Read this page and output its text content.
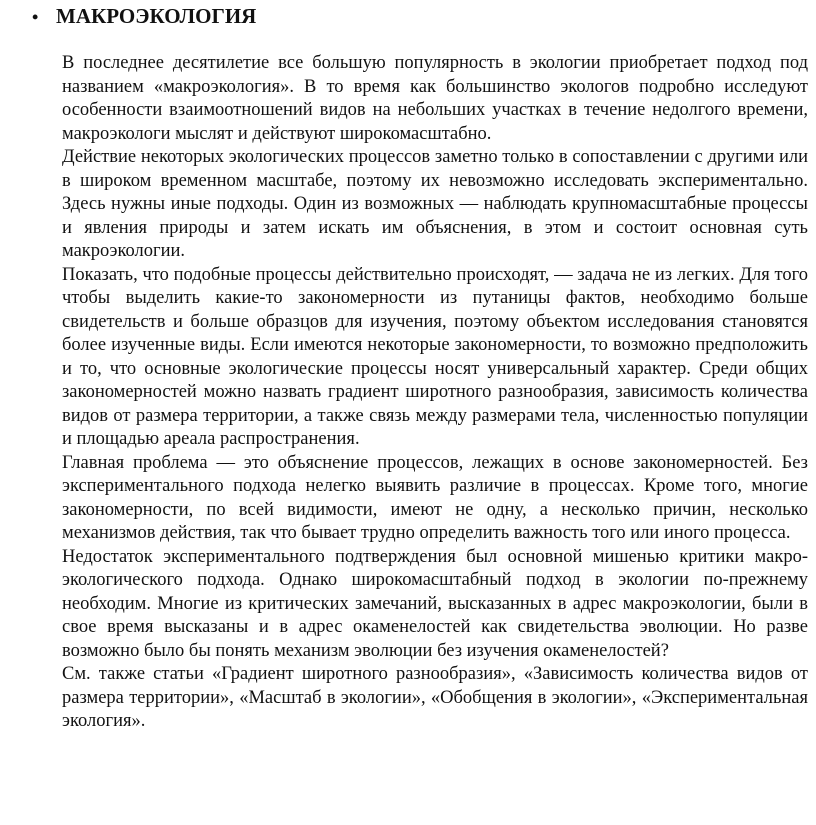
• МАКРОЭКОЛОГИЯ

В последнее десятилетие все большую популярность в экологии приобретает подход под названием «макроэкология». В то время как большинство экологов подробно исследуют особенности взаимоотношений видов на небольших участках в течение недолгого времени, макроэкологи мыслят и действуют широкомасштабно.

Действие некоторых экологических процессов заметно только в сопоставлении с другими или в широком временном масштабе, поэтому их невозможно исследовать экспериментально. Здесь нужны иные подходы. Один из возможных — наблюдать крупномасштабные процессы и явления природы и затем искать им объяснения, в этом и состоит основная суть макроэкологии.

Показать, что подобные процессы действительно происходят, — задача не из легких. Для того чтобы выделить какие-то закономерности из путаницы фактов, необходимо больше свидетельств и больше образцов для изучения, поэтому объектом исследования становятся более изученные виды. Если имеются некоторые закономерности, то возможно предположить и то, что основные экологические процессы носят универсальный характер. Среди общих закономерностей можно назвать градиент широтного разнообразия, зависимость количества видов от размера территории, а также связь между размерами тела, численностью популяции и площадью ареала распространения.

Главная проблема — это объяснение процессов, лежащих в основе закономерностей. Без экспериментального подхода нелегко выявить различие в процессах. Кроме того, многие закономерности, по всей видимости, имеют не одну, а несколько причин, несколько механизмов действия, так что бывает трудно определить важность того или иного процесса.

Недостаток экспериментального подтверждения был основной мишенью критики макро-экологического подхода. Однако широкомасштабный подход в экологии по-прежнему необходим. Многие из критических замечаний, высказанных в адрес макроэкологии, были в свое время высказаны и в адрес окаменелостей как свидетельства эволюции. Но разве возможно было бы понять механизм эволюции без изучения окаменелостей?

См. также статьи «Градиент широтного разнообразия», «Зависимость количества видов от размера территории», «Масштаб в экологии», «Обобщения в экологии», «Экспериментальная экология».
